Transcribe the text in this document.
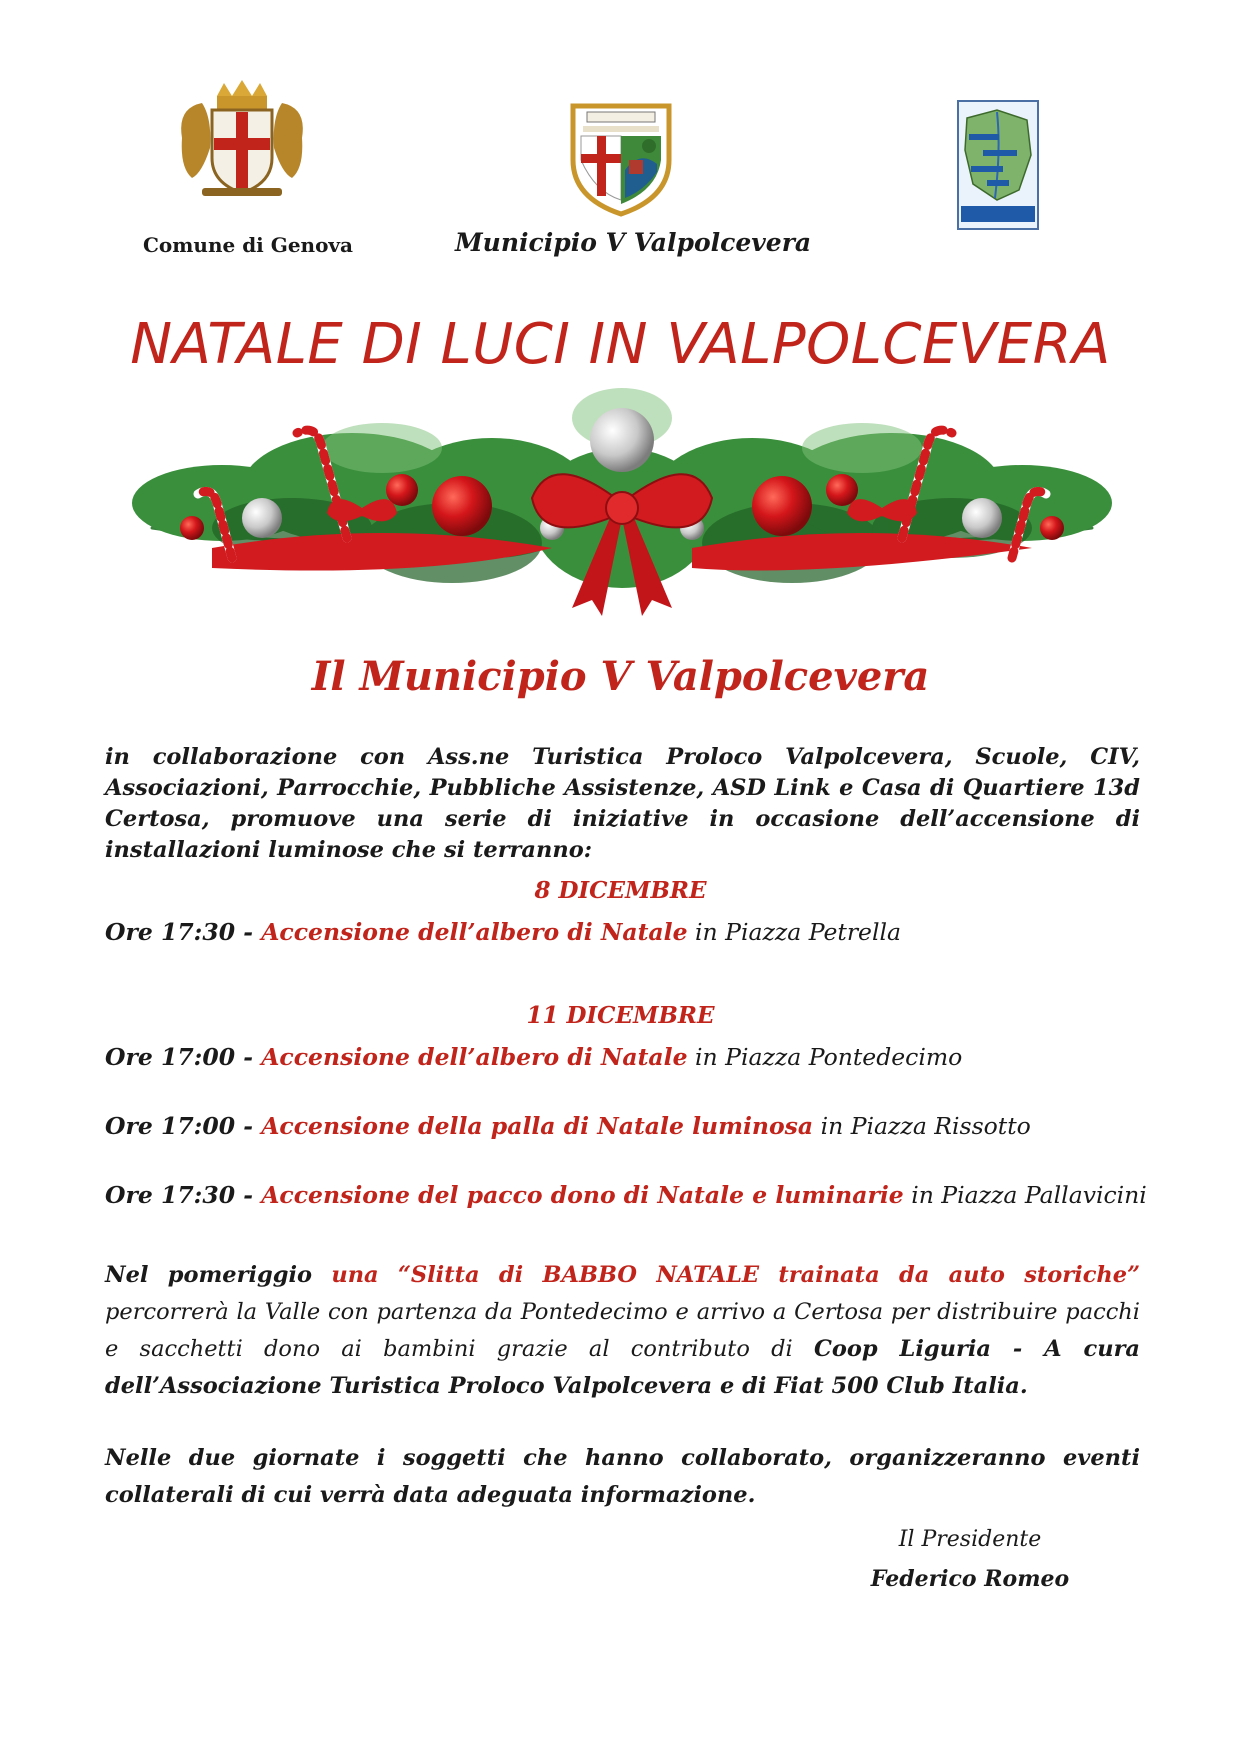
Comune di Genova	Municipio V Valpolcevera
NATALE DI LUCI IN VALPOLCEVERA
Il Municipio V Valpolcevera
in collaborazione con Ass.ne Turistica Proloco Valpolcevera, Scuole, CIV, Associazioni, Parrocchie, Pubbliche Assistenze, ASD Link e Casa di Quartiere 13d Certosa, promuove una serie di iniziative in occasione dell’accensione di installazioni luminose che si terranno:
8 DICEMBRE
Ore 17:30 - Accensione dell’albero di Natale in Piazza Petrella
11 DICEMBRE
Ore 17:00 - Accensione dell’albero di Natale in Piazza Pontedecimo
Ore 17:00 - Accensione della palla di Natale luminosa in Piazza Rissotto
Ore 17:30 - Accensione del pacco dono di Natale e luminarie in Piazza Pallavicini
Nel pomeriggio una “Slitta di BABBO NATALE trainata da auto storiche” percorrerà la Valle con partenza da Pontedecimo e arrivo a Certosa per distribuire pacchi e sacchetti dono ai bambini grazie al contributo di Coop Liguria - A cura dell’Associazione Turistica Proloco Valpolcevera e di Fiat 500 Club Italia.
Nelle due giornate i soggetti che hanno collaborato, organizzeranno eventi collaterali di cui verrà data adeguata informazione.
Il Presidente
Federico Romeo
